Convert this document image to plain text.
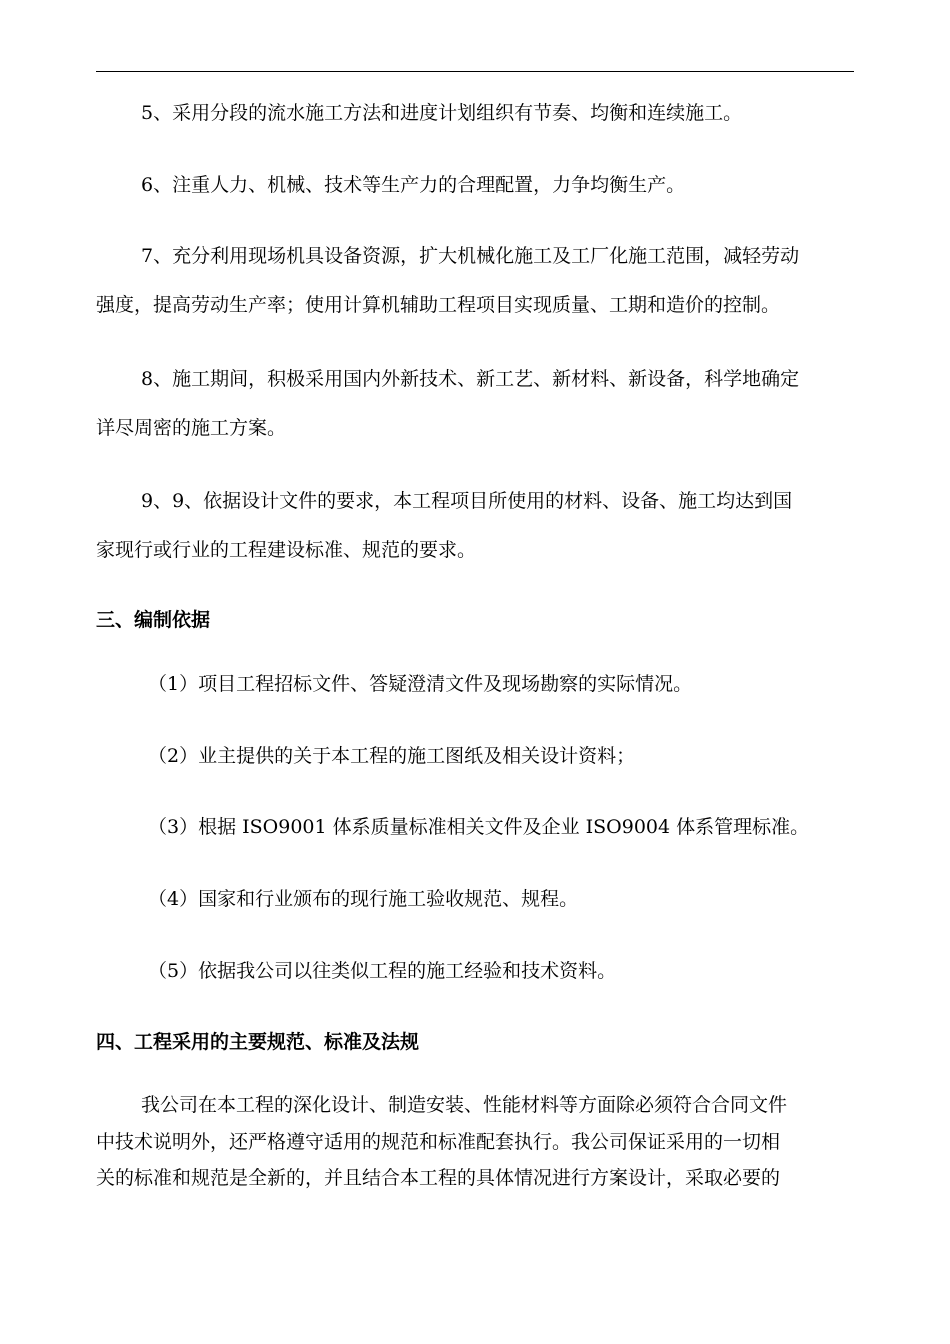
5、采用分段的流水施工方法和进度计划组织有节奏、均衡和连续施工。
6、注重人力、机械、技术等生产力的合理配置，力争均衡生产。
7、充分利用现场机具设备资源，扩大机械化施工及工厂化施工范围，减轻劳动
强度，提高劳动生产率；使用计算机辅助工程项目实现质量、工期和造价的控制。
8、施工期间，积极采用国内外新技术、新工艺、新材料、新设备，科学地确定
详尽周密的施工方案。
9、9、依据设计文件的要求，本工程项目所使用的材料、设备、施工均达到国
家现行或行业的工程建设标准、规范的要求。
三、编制依据
（1）项目工程招标文件、答疑澄清文件及现场勘察的实际情况。
（2）业主提供的关于本工程的施工图纸及相关设计资料；
（3）根据 ISO9001 体系质量标准相关文件及企业 ISO9004 体系管理标准。
（4）国家和行业颁布的现行施工验收规范、规程。
（5）依据我公司以往类似工程的施工经验和技术资料。
四、工程采用的主要规范、标准及法规
我公司在本工程的深化设计、制造安装、性能材料等方面除必须符合合同文件
中技术说明外，还严格遵守适用的规范和标准配套执行。我公司保证采用的一切相
关的标准和规范是全新的，并且结合本工程的具体情况进行方案设计，采取必要的
